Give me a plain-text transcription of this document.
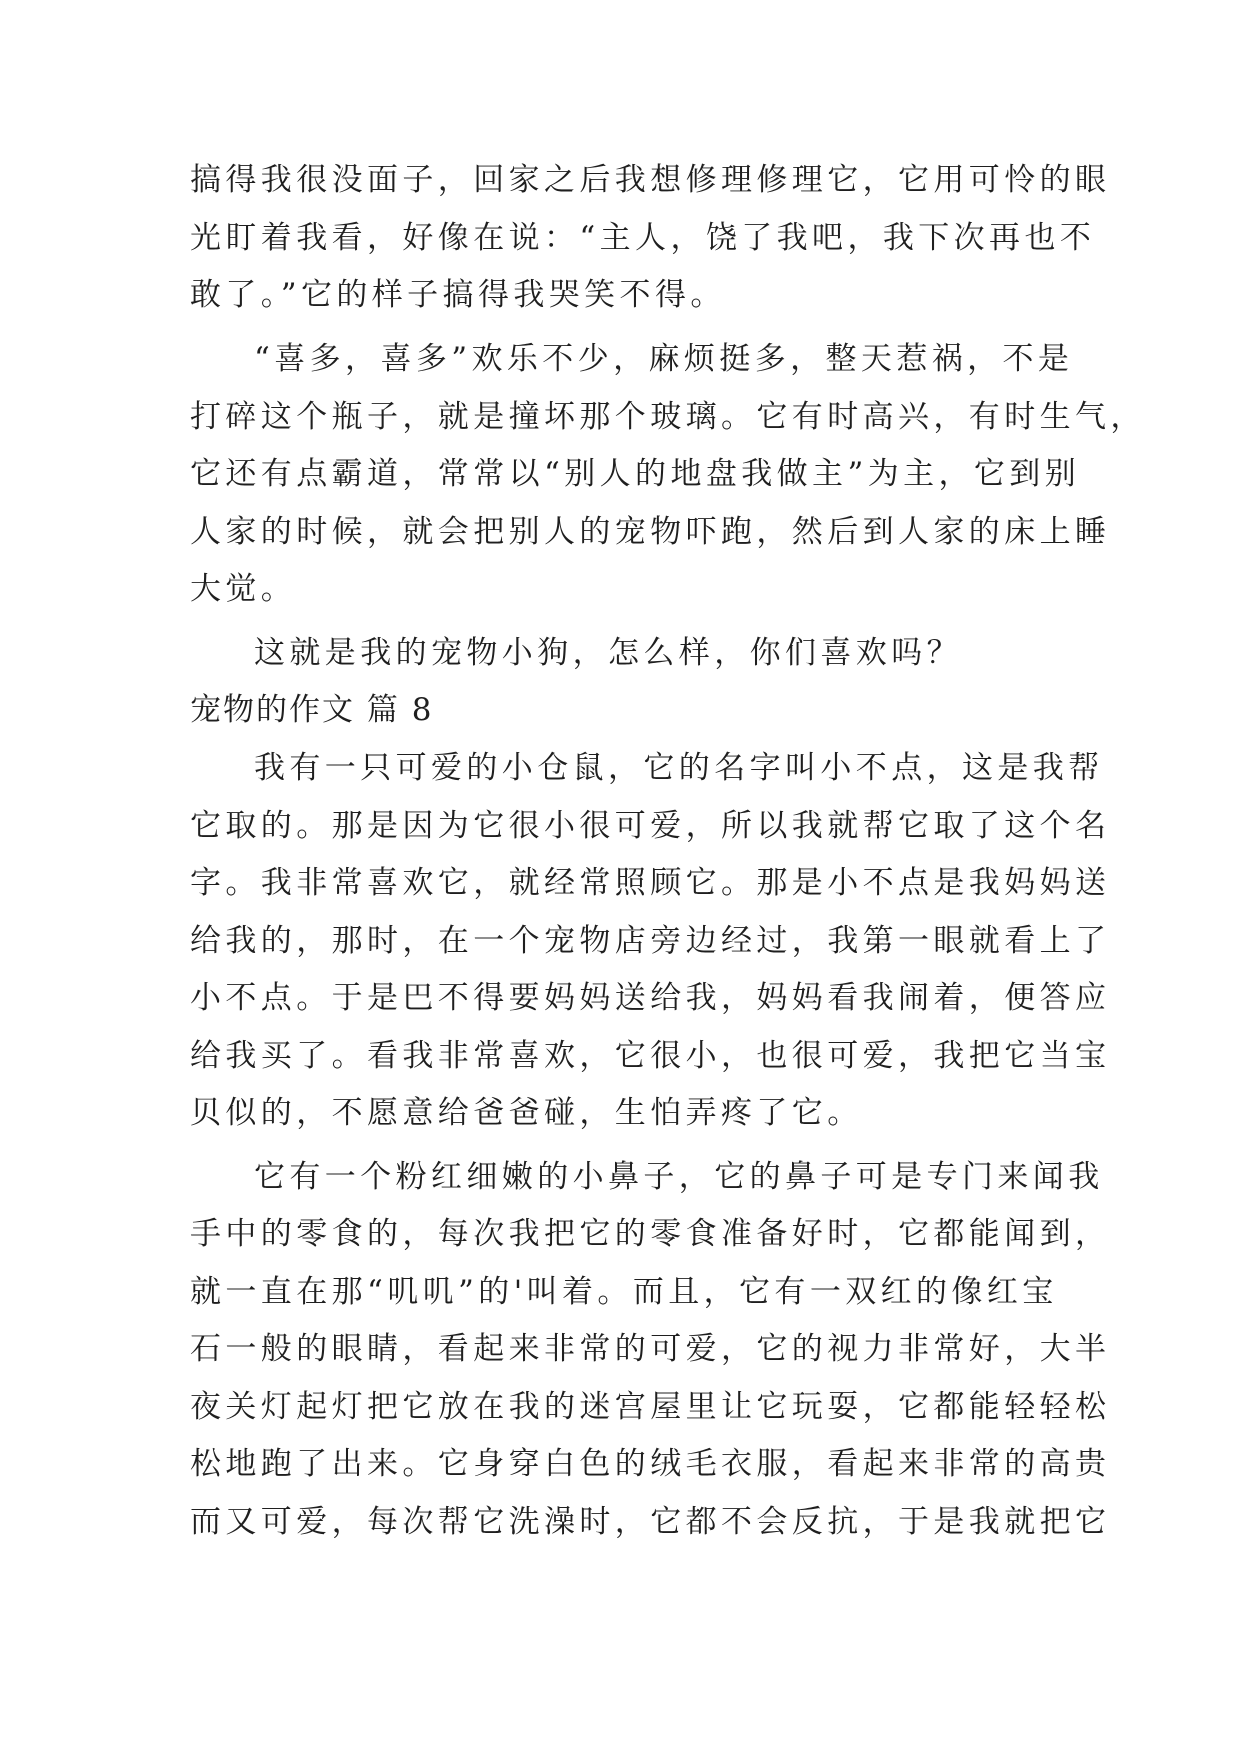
搞得我很没面子，回家之后我想修理修理它，它用可怜的眼
光盯着我看，好像在说：“主人，饶了我吧，我下次再也不
敢了。”它的样子搞得我哭笑不得。
“喜多，喜多”欢乐不少，麻烦挺多，整天惹祸，不是
打碎这个瓶子，就是撞坏那个玻璃。它有时高兴，有时生气，
它还有点霸道，常常以“别人的地盘我做主”为主，它到别
人家的时候，就会把别人的宠物吓跑，然后到人家的床上睡
大觉。
这就是我的宠物小狗，怎么样，你们喜欢吗？
宠物的作文 篇 8
我有一只可爱的小仓鼠，它的名字叫小不点，这是我帮
它取的。那是因为它很小很可爱，所以我就帮它取了这个名
字。我非常喜欢它，就经常照顾它。那是小不点是我妈妈送
给我的，那时，在一个宠物店旁边经过，我第一眼就看上了
小不点。于是巴不得要妈妈送给我，妈妈看我闹着，便答应
给我买了。看我非常喜欢，它很小，也很可爱，我把它当宝
贝似的，不愿意给爸爸碰，生怕弄疼了它。
它有一个粉红细嫩的小鼻子，它的鼻子可是专门来闻我
手中的零食的，每次我把它的零食准备好时，它都能闻到，
就一直在那“叽叽”的'叫着。而且，它有一双红的像红宝
石一般的眼睛，看起来非常的可爱，它的视力非常好，大半
夜关灯起灯把它放在我的迷宫屋里让它玩耍，它都能轻轻松
松地跑了出来。它身穿白色的绒毛衣服，看起来非常的高贵
而又可爱，每次帮它洗澡时，它都不会反抗，于是我就把它
